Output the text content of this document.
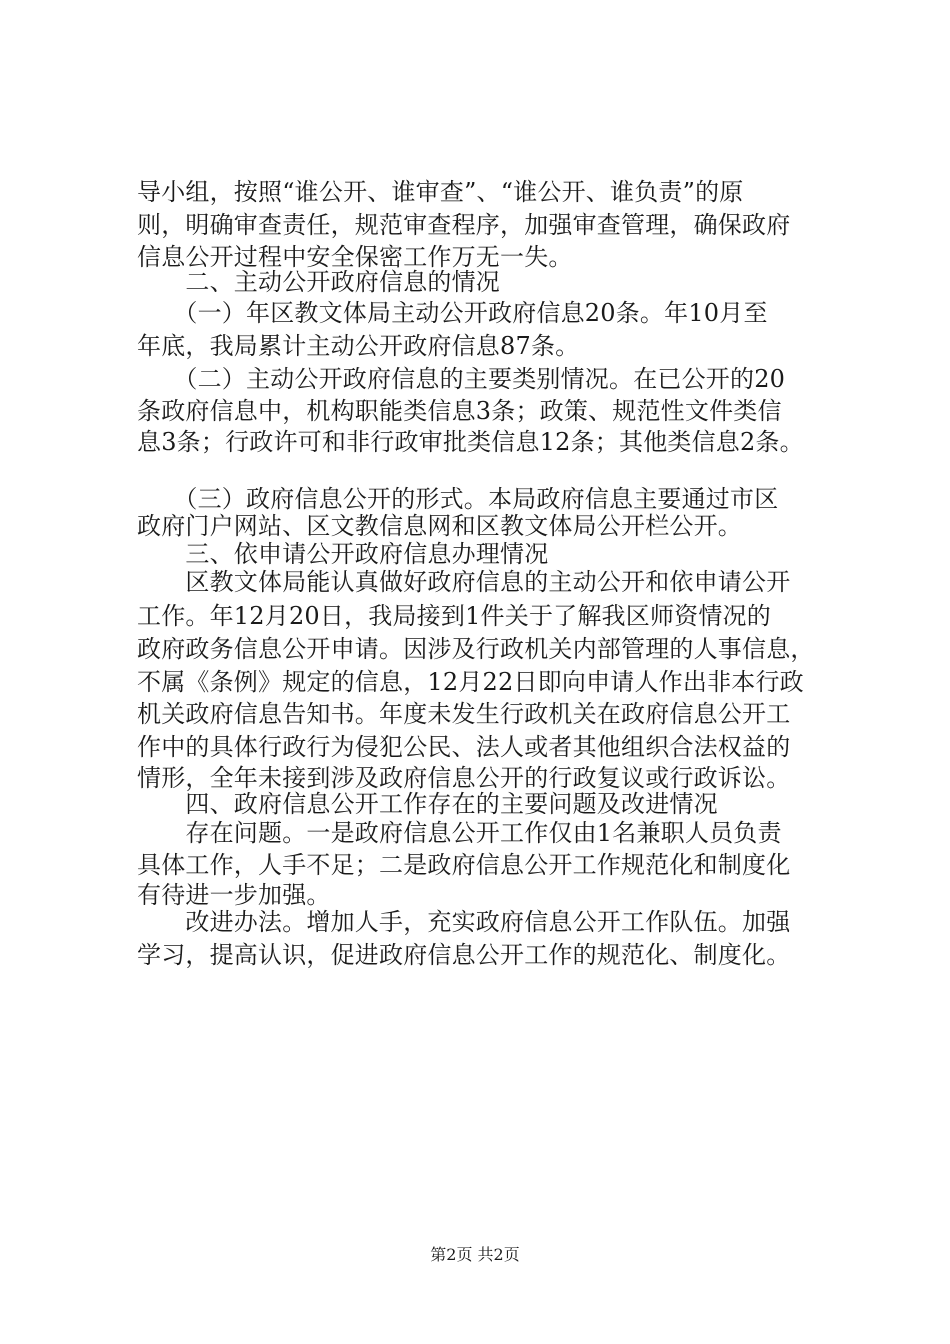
导小组，按照“谁公开、谁审查”、“谁公开、谁负责”的原
则，明确审查责任，规范审查程序，加强审查管理，确保政府
信息公开过程中安全保密工作万无一失。
　　二、主动公开政府信息的情况
　　（一）年区教文体局主动公开政府信息20条。年10月至
年底，我局累计主动公开政府信息87条。
　　（二）主动公开政府信息的主要类别情况。在已公开的20
条政府信息中，机构职能类信息3条；政策、规范性文件类信
息3条；行政许可和非行政审批类信息12条；其他类信息2条。
　　（三）政府信息公开的形式。本局政府信息主要通过市区
政府门户网站、区文教信息网和区教文体局公开栏公开。
　　三、依申请公开政府信息办理情况
　　区教文体局能认真做好政府信息的主动公开和依申请公开
工作。年12月20日，我局接到1件关于了解我区师资情况的
政府政务信息公开申请。因涉及行政机关内部管理的人事信息，
不属《条例》规定的信息，12月22日即向申请人作出非本行政
机关政府信息告知书。年度未发生行政机关在政府信息公开工
作中的具体行政行为侵犯公民、法人或者其他组织合法权益的
情形，全年未接到涉及政府信息公开的行政复议或行政诉讼。
　　四、政府信息公开工作存在的主要问题及改进情况
　　存在问题。一是政府信息公开工作仅由1名兼职人员负责
具体工作，人手不足；二是政府信息公开工作规范化和制度化
有待进一步加强。
　　改进办法。增加人手，充实政府信息公开工作队伍。加强
学习，提高认识，促进政府信息公开工作的规范化、制度化。
第2页 共2页
